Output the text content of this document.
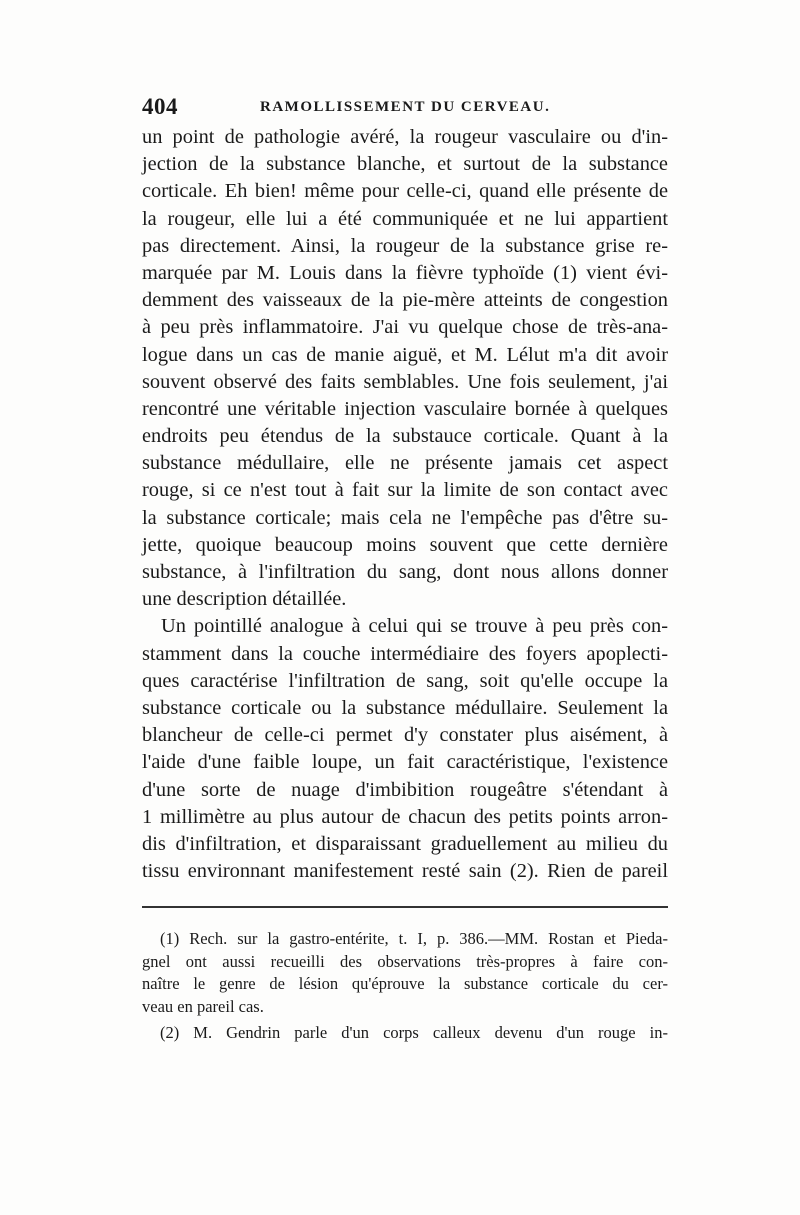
404	RAMOLLISSEMENT DU CERVEAU.
un point de pathologie avéré, la rougeur vasculaire ou d'in-
jection de la substance blanche, et surtout de la substance
corticale. Eh bien! même pour celle-ci, quand elle présente de
la rougeur, elle lui a été communiquée et ne lui appartient
pas directement. Ainsi, la rougeur de la substance grise re-
marquée par M. Louis dans la fièvre typhoïde (1) vient évi-
demment des vaisseaux de la pie-mère atteints de congestion
à peu près inflammatoire. J'ai vu quelque chose de très-ana-
logue dans un cas de manie aiguë, et M. Lélut m'a dit avoir
souvent observé des faits semblables. Une fois seulement, j'ai
rencontré une véritable injection vasculaire bornée à quelques
endroits peu étendus de la substauce corticale. Quant à la
substance médullaire, elle ne présente jamais cet aspect
rouge, si ce n'est tout à fait sur la limite de son contact avec
la substance corticale; mais cela ne l'empêche pas d'être su-
jette, quoique beaucoup moins souvent que cette dernière
substance, à l'infiltration du sang, dont nous allons donner
une description détaillée.
Un pointillé analogue à celui qui se trouve à peu près con-
stamment dans la couche intermédiaire des foyers apoplecti-
ques caractérise l'infiltration de sang, soit qu'elle occupe la
substance corticale ou la substance médullaire. Seulement la
blancheur de celle-ci permet d'y constater plus aisément, à
l'aide d'une faible loupe, un fait caractéristique, l'existence
d'une sorte de nuage d'imbibition rougeâtre s'étendant à
1 millimètre au plus autour de chacun des petits points arron-
dis d'infiltration, et disparaissant graduellement au milieu du
tissu environnant manifestement resté sain (2). Rien de pareil
(1) Rech. sur la gastro-entérite, t. I, p. 386.—MM. Rostan et Pieda-
gnel ont aussi recueilli des observations très-propres à faire con-
naître le genre de lésion qu'éprouve la substance corticale du cer-
veau en pareil cas.
(2) M. Gendrin parle d'un corps calleux devenu d'un rouge in-
